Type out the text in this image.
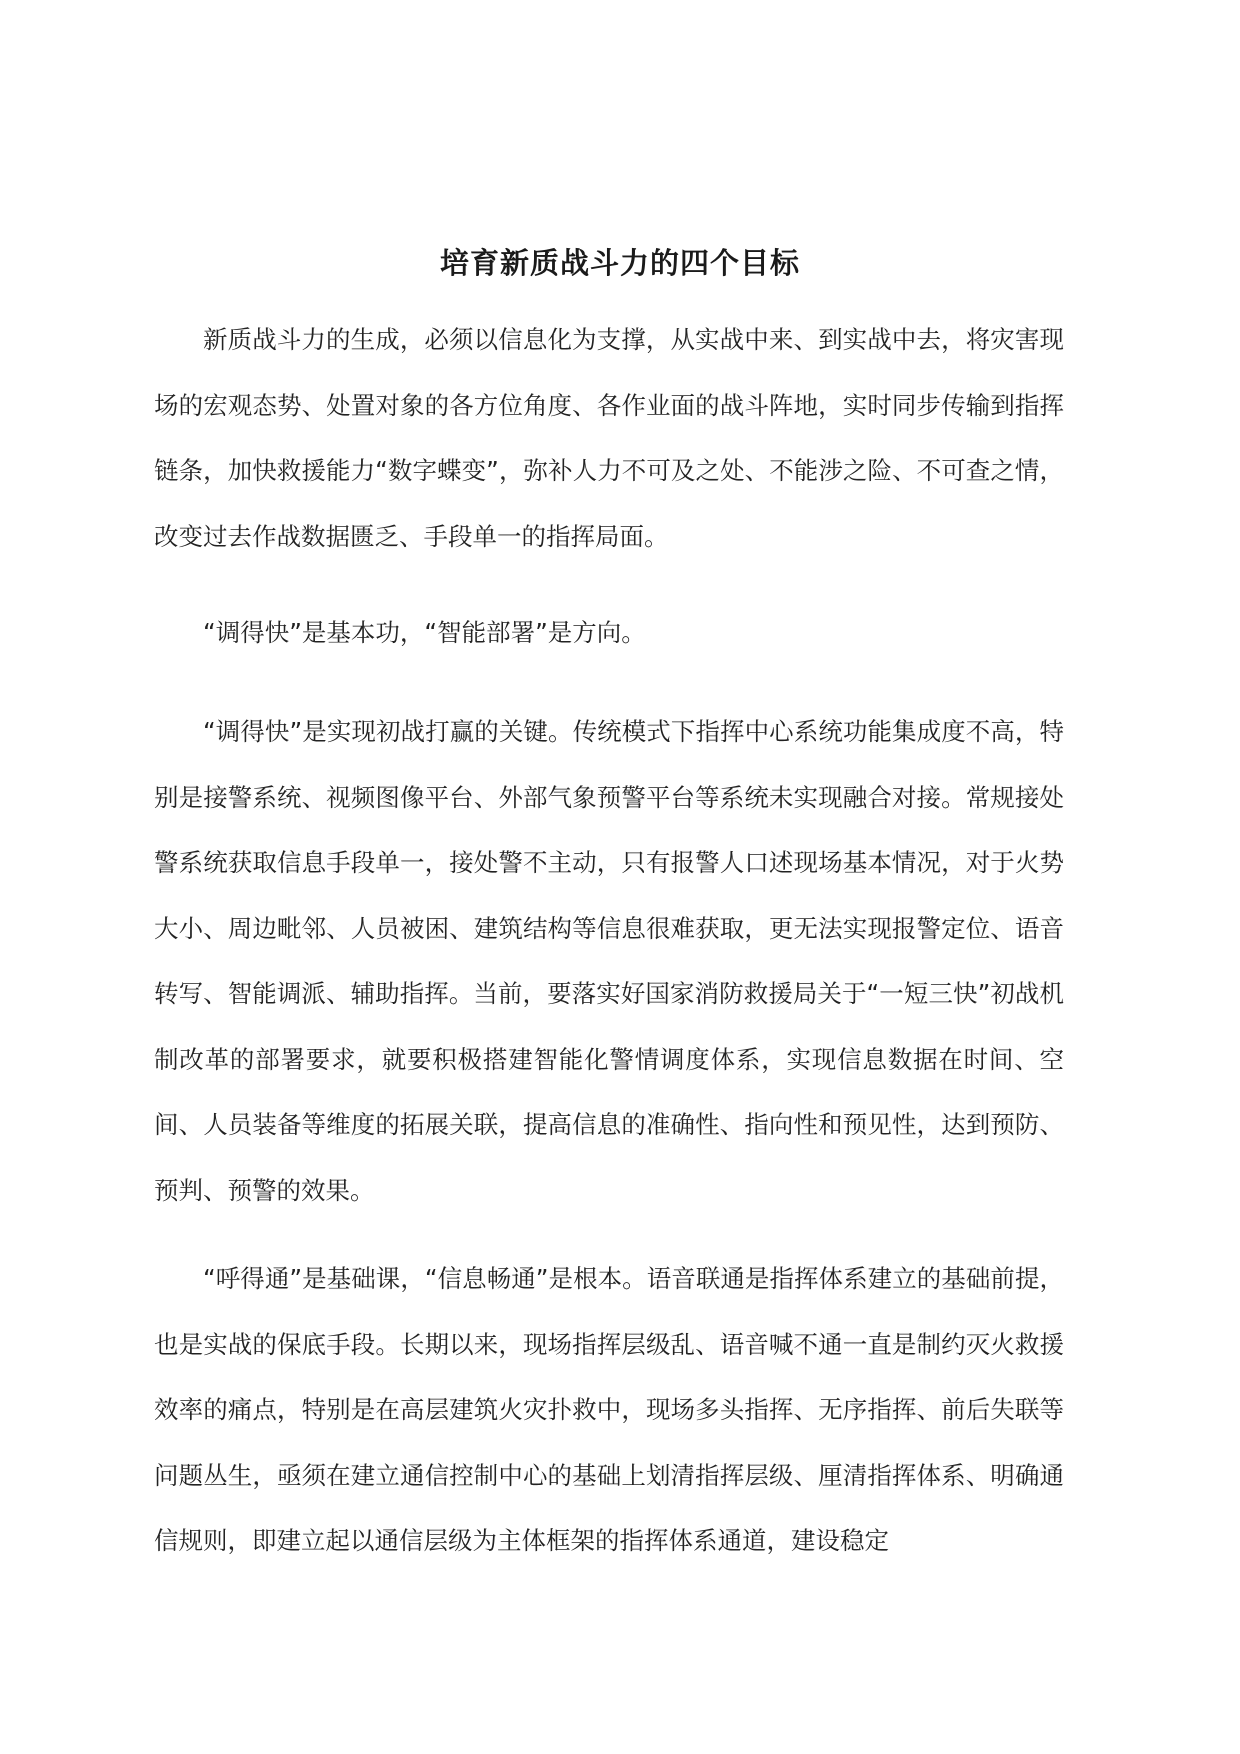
培育新质战斗力的四个目标

新质战斗力的生成，必须以信息化为支撑，从实战中来、到实战中去，将灾害现场的宏观态势、处置对象的各方位角度、各作业面的战斗阵地，实时同步传输到指挥链条，加快救援能力“数字蝶变”，弥补人力不可及之处、不能涉之险、不可查之情，改变过去作战数据匮乏、手段单一的指挥局面。

“调得快”是基本功，“智能部署”是方向。

“调得快”是实现初战打赢的关键。传统模式下指挥中心系统功能集成度不高，特别是接警系统、视频图像平台、外部气象预警平台等系统未实现融合对接。常规接处警系统获取信息手段单一，接处警不主动，只有报警人口述现场基本情况，对于火势大小、周边毗邻、人员被困、建筑结构等信息很难获取，更无法实现报警定位、语音转写、智能调派、辅助指挥。当前，要落实好国家消防救援局关于“一短三快”初战机制改革的部署要求，就要积极搭建智能化警情调度体系，实现信息数据在时间、空间、人员装备等维度的拓展关联，提高信息的准确性、指向性和预见性，达到预防、预判、预警的效果。

“呼得通”是基础课，“信息畅通”是根本。语音联通是指挥体系建立的基础前提，也是实战的保底手段。长期以来，现场指挥层级乱、语音喊不通一直是制约灭火救援效率的痛点，特别是在高层建筑火灾扑救中，现场多头指挥、无序指挥、前后失联等问题丛生，亟须在建立通信控制中心的基础上划清指挥层级、厘清指挥体系、明确通信规则，即建立起以通信层级为主体框架的指挥体系通道，建设稳定
